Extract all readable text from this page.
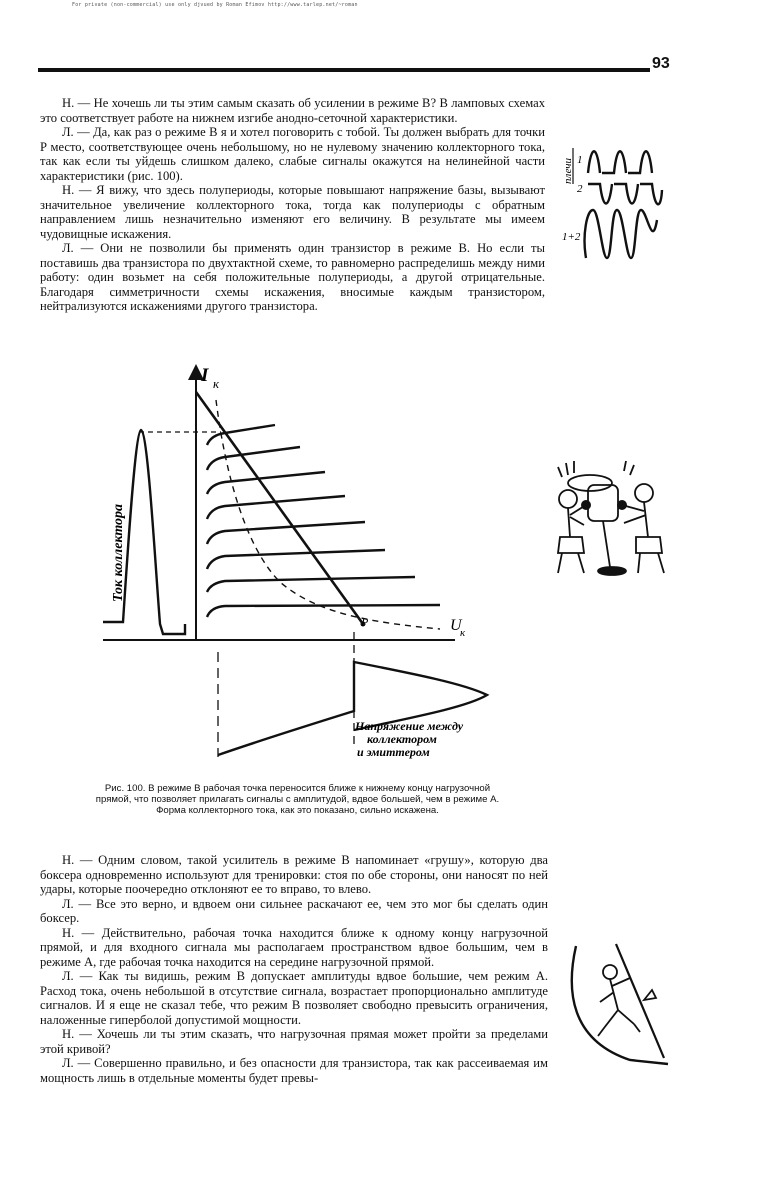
For private (non-commercial) use only djvued by Roman Efimov http://www.tarlep.net/~roman
93

Н. — Не хочешь ли ты этим самым сказать об усилении в режиме В? В ламповых схемах это соответствует работе на нижнем изгибе анодно-сеточной характеристики.

Л. — Да, как раз о режиме В я и хотел поговорить с тобой. Ты должен выбрать для точки P место, соответствующее очень небольшому, но не нулевому значению коллекторного тока, так как если ты уйдешь слишком далеко, слабые сигналы окажутся на нелинейной части характеристики (рис. 100).

Н. — Я вижу, что здесь полупериоды, которые повышают напряжение базы, вызывают значительное увеличение коллекторного тока, тогда как полупериоды с обратным направлением лишь незначительно изменяют его величину. В результате мы имеем чудовищные искажения.

Л. — Они не позволили бы применять один транзистор в режиме В. Но если ты поставишь два транзистора по двухтактной схеме, то равномерно распределишь между ними работу: один возьмет на себя положительные полупериоды, а другой отрицательные. Благодаря симметричности схемы искажения, вносимые каждым транзистором, нейтрализуются искажениями другого транзистора.

плечи 1
2
1+2
I к
U
к
P
Ток коллектора
Напряжение между
коллектором
и эмиттером
Рис. 100. В режиме В рабочая точка переносится ближе к нижнему концу нагрузочной прямой, что позволяет прилагать сигналы с амплитудой, вдвое большей, чем в режиме А. Форма коллекторного тока, как это показано, сильно искажена.

Н. — Одним словом, такой усилитель в режиме В напоминает «грушу», которую два боксера одновременно используют для тренировки: стоя по обе стороны, они наносят по ней удары, которые поочередно отклоняют ее то вправо, то влево.

Л. — Все это верно, и вдвоем они сильнее раскачают ее, чем это мог бы сделать один боксер.

Н. — Действительно, рабочая точка находится ближе к одному концу нагрузочной прямой, и для входного сигнала мы располагаем пространством вдвое большим, чем в режиме А, где рабочая точка находится на середине нагрузочной прямой.

Л. — Как ты видишь, режим В допускает амплитуды вдвое большие, чем режим А. Расход тока, очень небольшой в отсутствие сигнала, возрастает пропорционально амплитуде сигналов. И я еще не сказал тебе, что режим В позволяет свободно превысить ограничения, наложенные гиперболой допустимой мощности.

Н. — Хочешь ли ты этим сказать, что нагрузочная прямая может пройти за пределами этой кривой?

Л. — Совершенно правильно, и без опасности для транзистора, так как рассеиваемая им мощность лишь в отдельные моменты будет превы-
